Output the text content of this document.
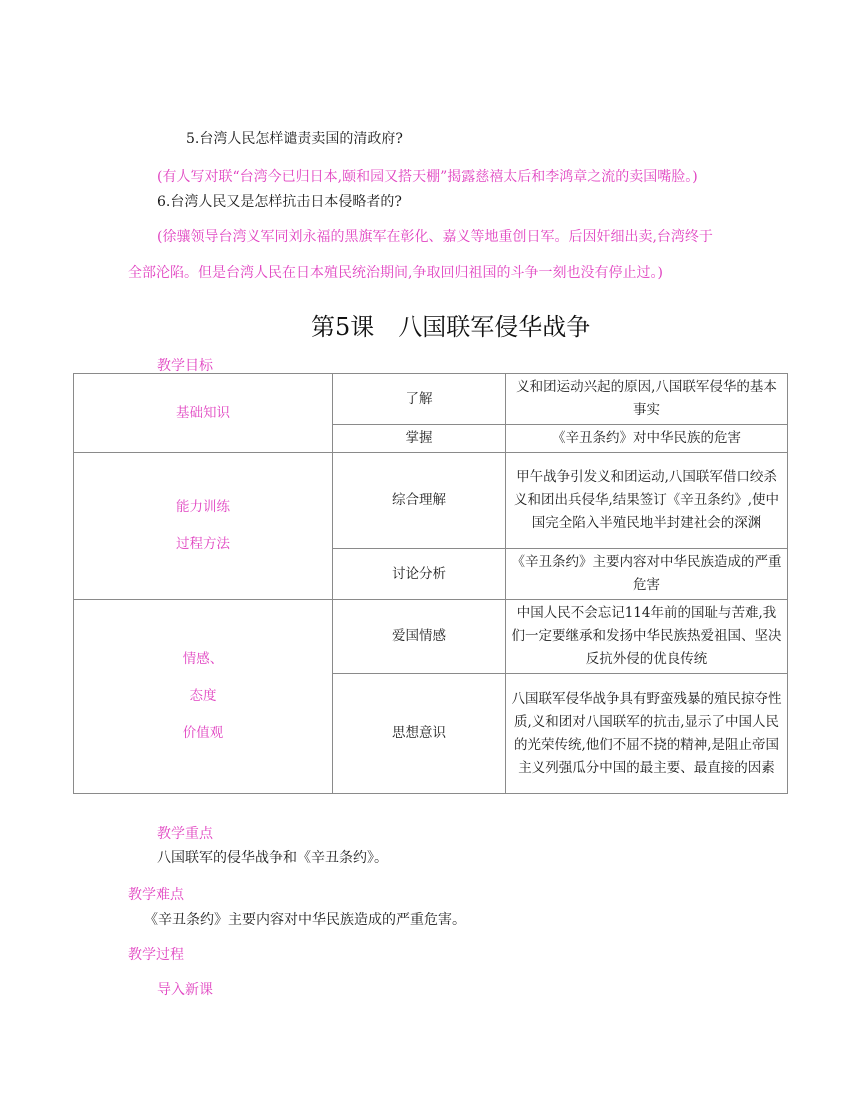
5.台湾人民怎样谴责卖国的清政府?
(有人写对联“台湾今已归日本,颐和园又搭天棚”揭露慈禧太后和李鸿章之流的卖国嘴脸。)
6.台湾人民又是怎样抗击日本侵略者的?
(徐骧领导台湾义军同刘永福的黑旗军在彰化、嘉义等地重创日军。后因奸细出卖,台湾终于
全部沦陷。但是台湾人民在日本殖民统治期间,争取回归祖国的斗争一刻也没有停止过。)
第5课　八国联军侵华战争
教学目标
基础知识	了解	义和团运动兴起的原因,八国联军侵华的基本事实
	掌握	《辛丑条约》对中华民族的危害

能力训练
过程方法	综合理解	甲午战争引发义和团运动,八国联军借口绞杀义和团出兵侵华,结果签订《辛丑条约》,使中国完全陷入半殖民地半封建社会的深渊
	讨论分析	《辛丑条约》主要内容对中华民族造成的严重危害

情感、
态度
价值观	爱国情感	中国人民不会忘记114年前的国耻与苦难,我们一定要继承和发扬中华民族热爱祖国、坚决反抗外侵的优良传统
	思想意识	八国联军侵华战争具有野蛮残暴的殖民掠夺性质,义和团对八国联军的抗击,显示了中国人民的光荣传统,他们不屈不挠的精神,是阻止帝国主义列强瓜分中国的最主要、最直接的因素
教学重点
八国联军的侵华战争和《辛丑条约》。
教学难点
《辛丑条约》主要内容对中华民族造成的严重危害。
教学过程
导入新课
